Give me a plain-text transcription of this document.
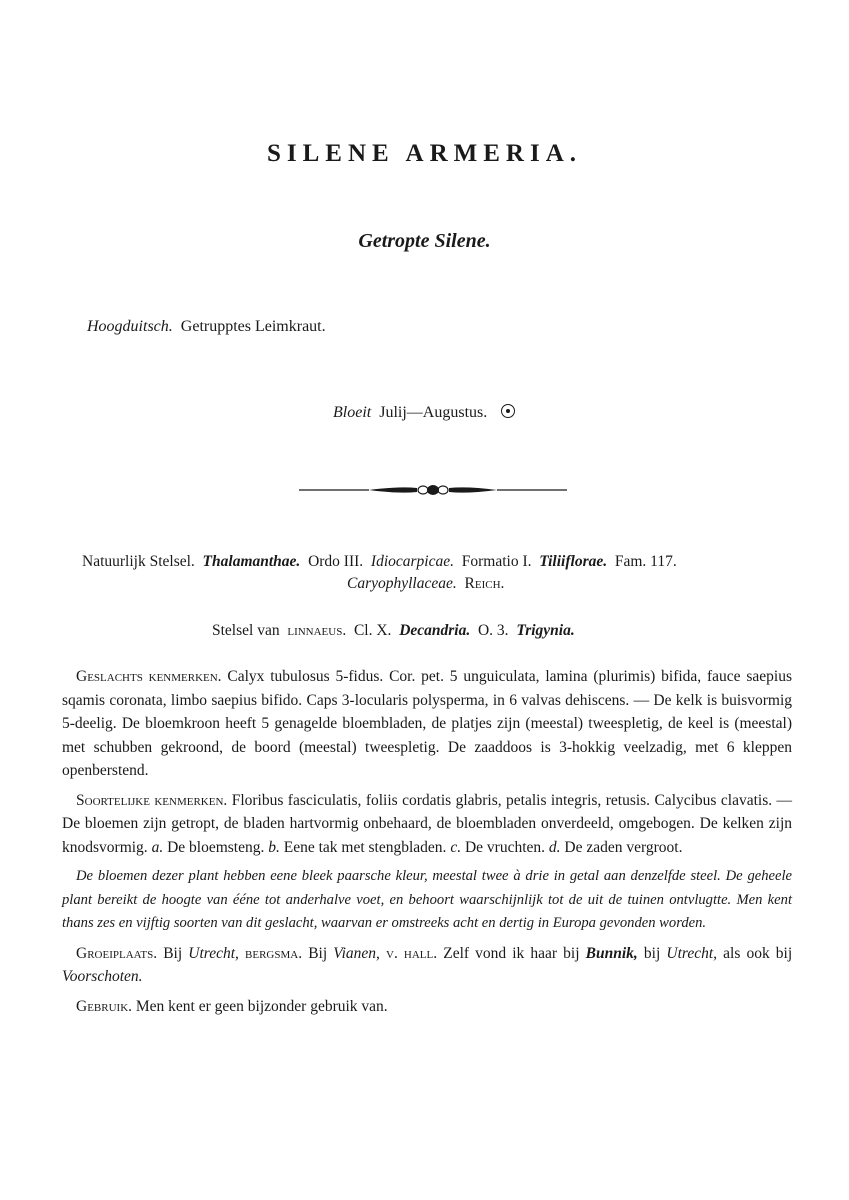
SILENE ARMERIA.
Getropte Silene.
Hoogduitsch. Getrupptes Leimkraut.
Bloeit Julij—Augustus.
Natuurlijk Stelsel. Thalamanthae. Ordo III. Idiocarpicae. Formatio I. Tiliiflorae. Fam. 117.
Caryophyllaceae. Reich.
Stelsel van linnaeus. Cl. X. Decandria. O. 3. Trigynia.

Geslachts kenmerken. Calyx tubulosus 5-fidus. Cor. pet. 5 unguiculata, lamina (plurimis) bifida, fauce saepius sqamis coronata, limbo saepius bifido. Caps 3-locularis polysperma, in 6 valvas dehiscens. — De kelk is buisvormig 5-deelig. De bloemkroon heeft 5 genagelde bloembladen, de platjes zijn (meestal) tweespletig, de keel is (meestal) met schubben gekroond, de boord (meestal) tweespletig. De zaaddoos is 3-hokkig veelzadig, met 6 kleppen openberstend.

Soortelijke kenmerken. Floribus fasciculatis, foliis cordatis glabris, petalis integris, retusis. Calycibus clavatis. — De bloemen zijn getropt, de bladen hartvormig onbehaard, de bloembladen onverdeeld, omgebogen. De kelken zijn knodsvormig. a. De bloemsteng. b. Eene tak met stengbladen. c. De vruchten. d. De zaden vergroot.

De bloemen dezer plant hebben eene bleek paarsche kleur, meestal twee à drie in getal aan denzelfde steel. De geheele plant bereikt de hoogte van ééne tot anderhalve voet, en behoort waarschijnlijk tot de uit de tuinen ontvlugtte. Men kent thans zes en vijftig soorten van dit geslacht, waarvan er omstreeks acht en dertig in Europa gevonden worden.

Groeiplaats. Bij Utrecht, bergsma. Bij Vianen, v. hall. Zelf vond ik haar bij Bunnik, bij Utrecht, als ook bij Voorschoten.

Gebruik. Men kent er geen bijzonder gebruik van.
